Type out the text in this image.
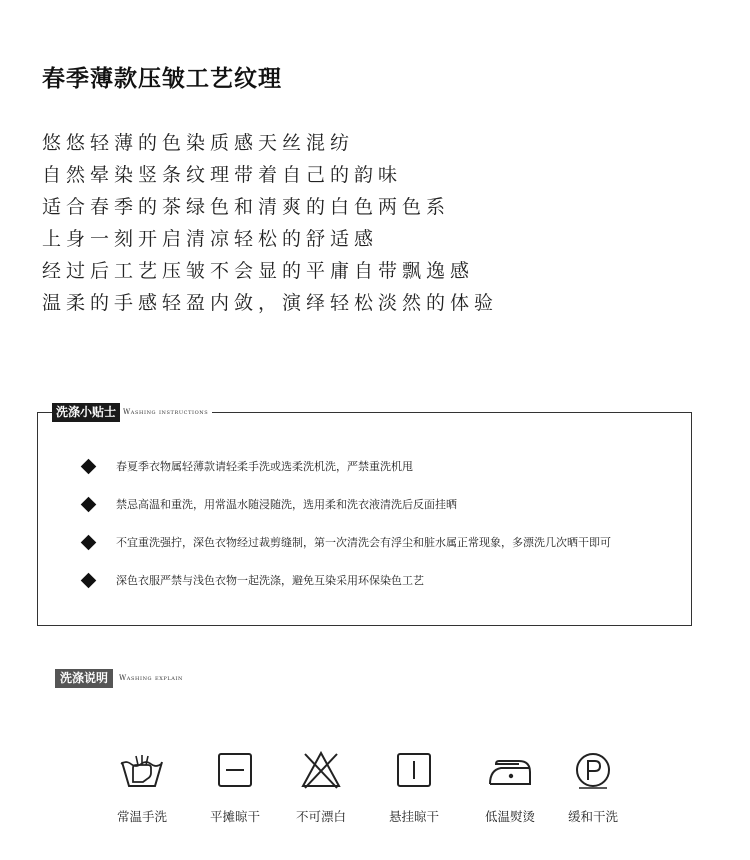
春季薄款压皱工艺纹理
悠悠轻薄的色染质感天丝混纺
自然晕染竖条纹理带着自己的韵味
适合春季的茶绿色和清爽的白色两色系
上身一刻开启清凉轻松的舒适感
经过后工艺压皱不会显的平庸自带飘逸感
温柔的手感轻盈内敛，演绎轻松淡然的体验
洗涤小贴士	Washing instructions
春夏季衣物属轻薄款请轻柔手洗或选柔洗机洗，严禁重洗机甩
禁忌高温和重洗，用常温水随浸随洗，选用柔和洗衣液清洗后反面挂晒
不宜重洗强拧，深色衣物经过裁剪缝制，第一次清洗会有浮尘和脏水属正常现象，多漂洗几次晒干即可
深色衣服严禁与浅色衣物一起洗涤，避免互染采用环保染色工艺
洗涤说明	Washing explain
常温手洗	平摊晾干	不可漂白	悬挂晾干	低温熨烫	缓和干洗
